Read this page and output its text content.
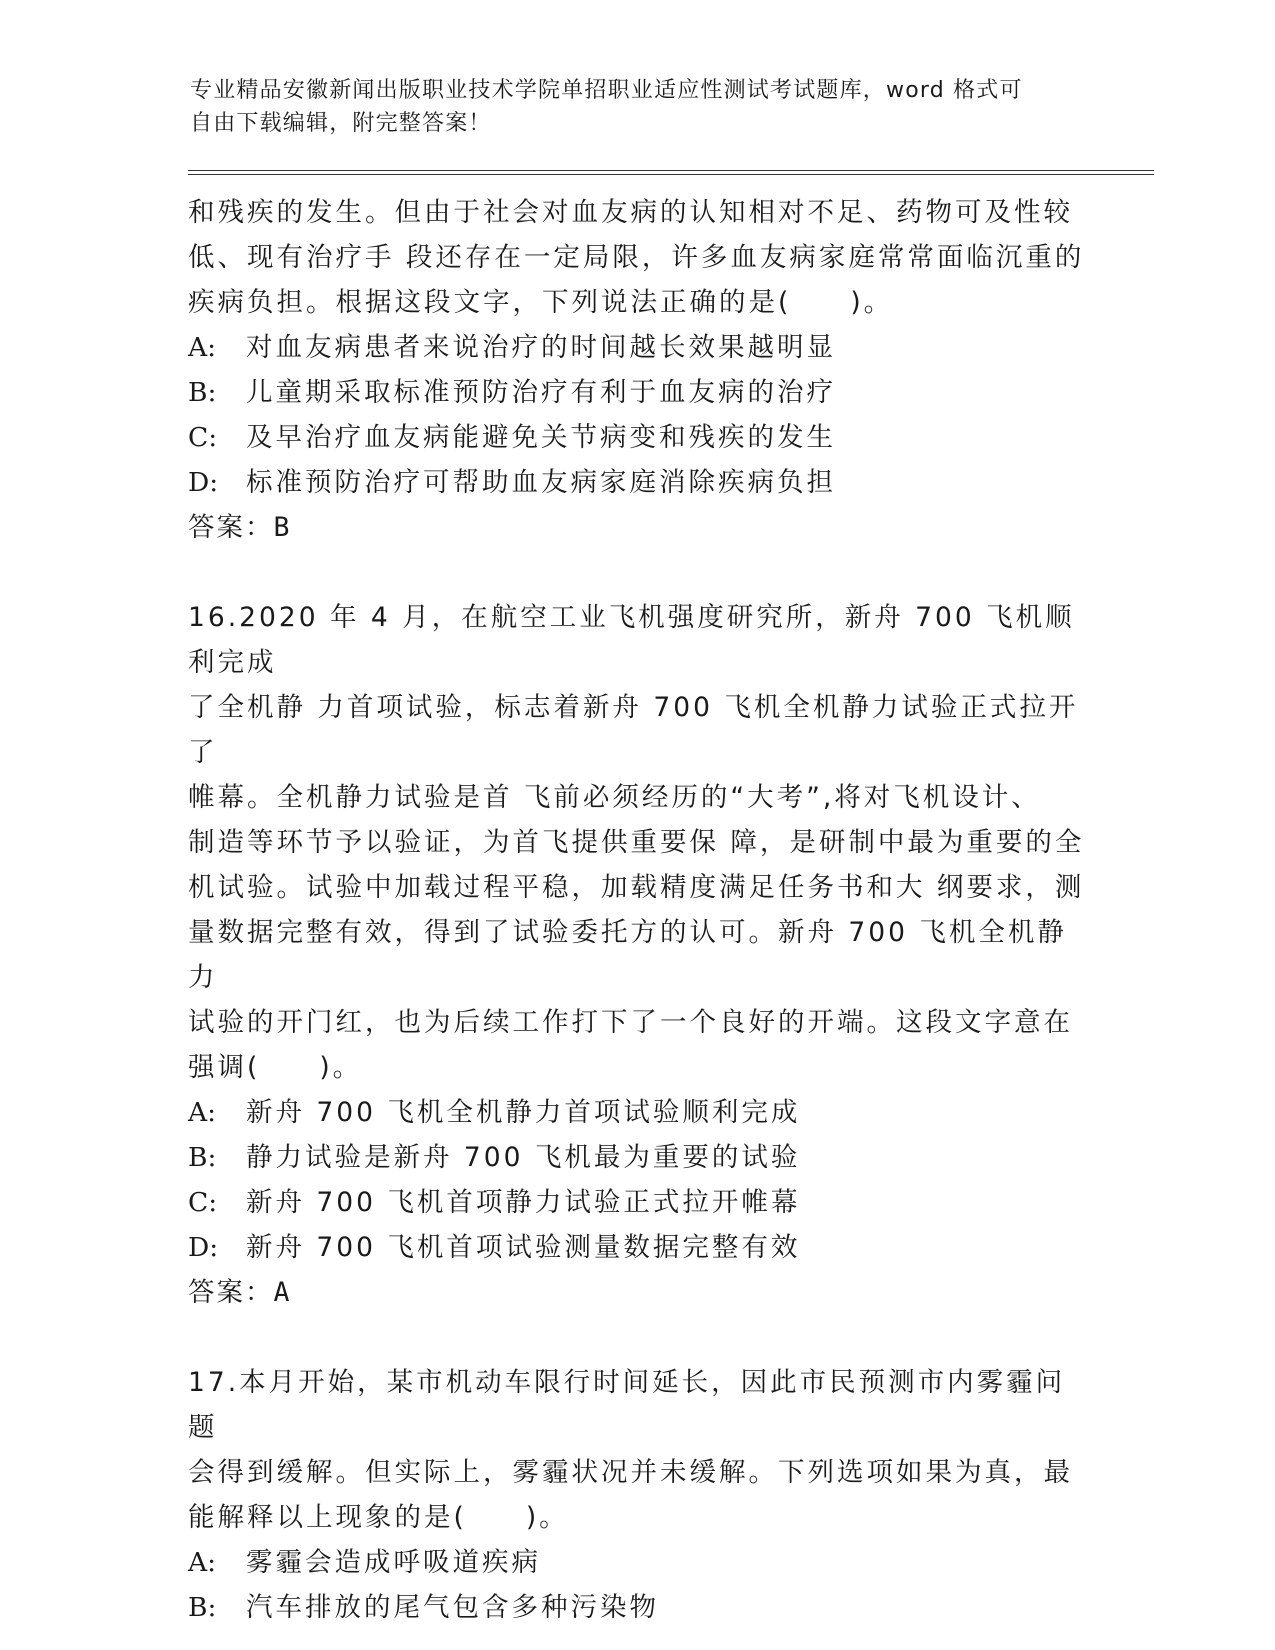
专业精品安徽新闻出版职业技术学院单招职业适应性测试考试题库，word 格式可
自由下载编辑，附完整答案！

和残疾的发生。但由于社会对血友病的认知相对不足、药物可及性较

低、现有治疗手 段还存在一定局限，许多血友病家庭常常面临沉重的

疾病负担。根据这段文字，下列说法正确的是(　　)。

A: 对血友病患者来说治疗的时间越长效果越明显
B: 儿童期采取标准预防治疗有利于血友病的治疗
C: 及早治疗血友病能避免关节病变和残疾的发生
D: 标准预防治疗可帮助血友病家庭消除疾病负担

答案：B

16.2020 年 4 月，在航空工业飞机强度研究所，新舟 700 飞机顺利完成

了全机静 力首项试验，标志着新舟 700 飞机全机静力试验正式拉开了

帷幕。全机静力试验是首 飞前必须经历的“大考”,将对飞机设计、

制造等环节予以验证，为首飞提供重要保 障，是研制中最为重要的全

机试验。试验中加载过程平稳，加载精度满足任务书和大 纲要求，测

量数据完整有效，得到了试验委托方的认可。新舟 700 飞机全机静力

试验的开门红，也为后续工作打下了一个良好的开端。这段文字意在

强调(　　)。

A: 新舟 700 飞机全机静力首项试验顺利完成
B: 静力试验是新舟 700 飞机最为重要的试验
C: 新舟 700 飞机首项静力试验正式拉开帷幕
D: 新舟 700 飞机首项试验测量数据完整有效

答案：A

17.本月开始，某市机动车限行时间延长，因此市民预测市内雾霾问题

会得到缓解。但实际上，雾霾状况并未缓解。下列选项如果为真，最

能解释以上现象的是(　　)。

A: 雾霾会造成呼吸道疾病
B: 汽车排放的尾气包含多种污染物
